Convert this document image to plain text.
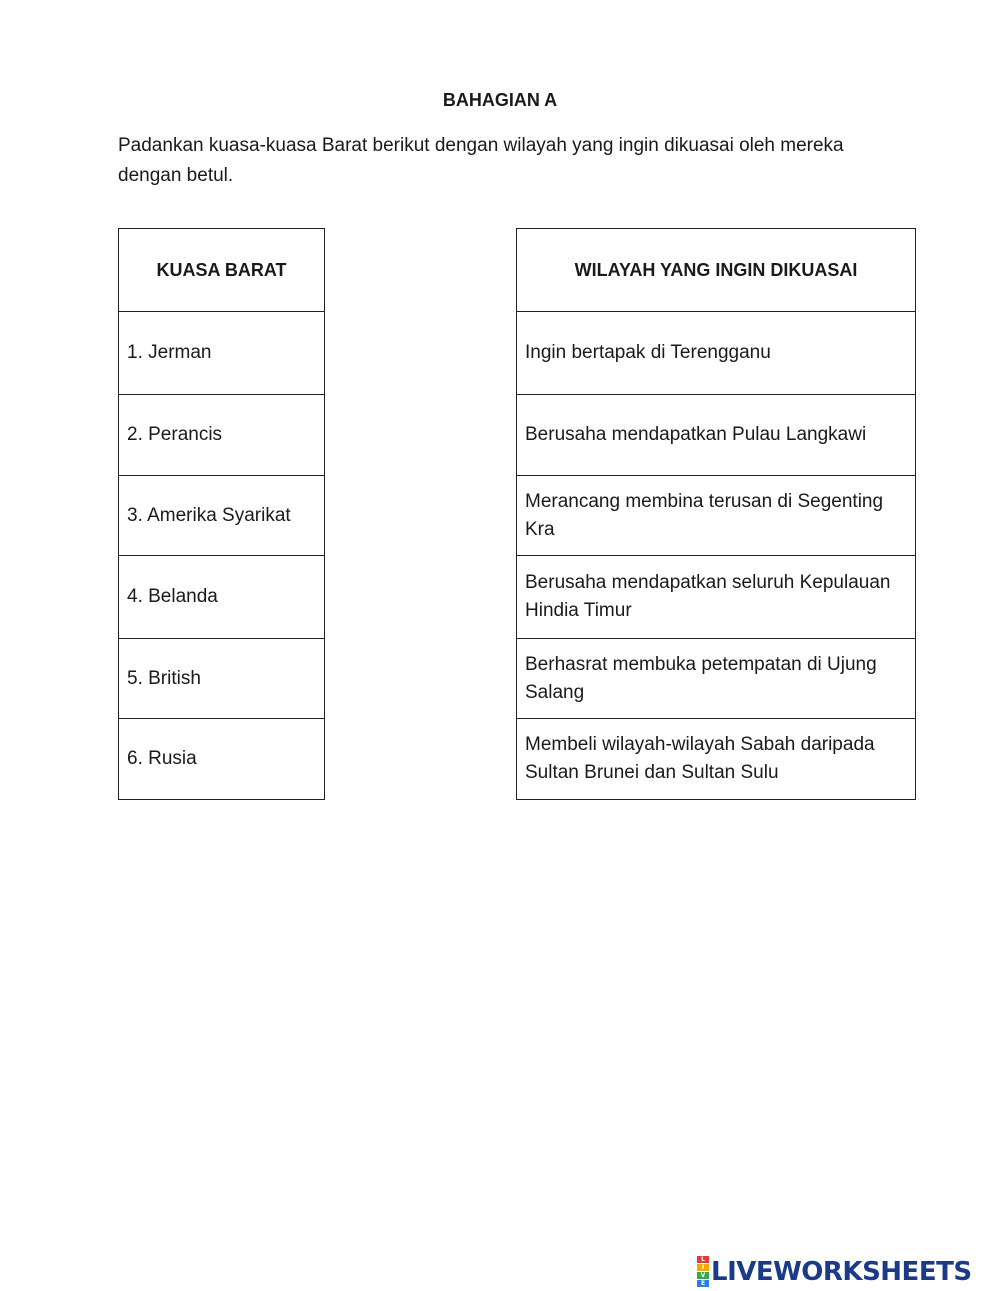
BAHAGIAN A

Padankan kuasa-kuasa Barat berikut dengan wilayah yang ingin dikuasai oleh mereka dengan betul.

KUASA BARAT
1. Jerman
2. Perancis
3. Amerika Syarikat
4. Belanda
5. British
6. Rusia
WILAYAH YANG INGIN DIKUASAI
Ingin bertapak di Terengganu
Berusaha mendapatkan Pulau Langkawi
Merancang membina terusan di Segenting Kra
Berusaha mendapatkan seluruh Kepulauan Hindia Timur
Berhasrat membuka petempatan di Ujung Salang
Membeli wilayah-wilayah Sabah daripada Sultan Brunei dan Sultan Sulu
L
I
V
E LIVEWORKSHEETS
